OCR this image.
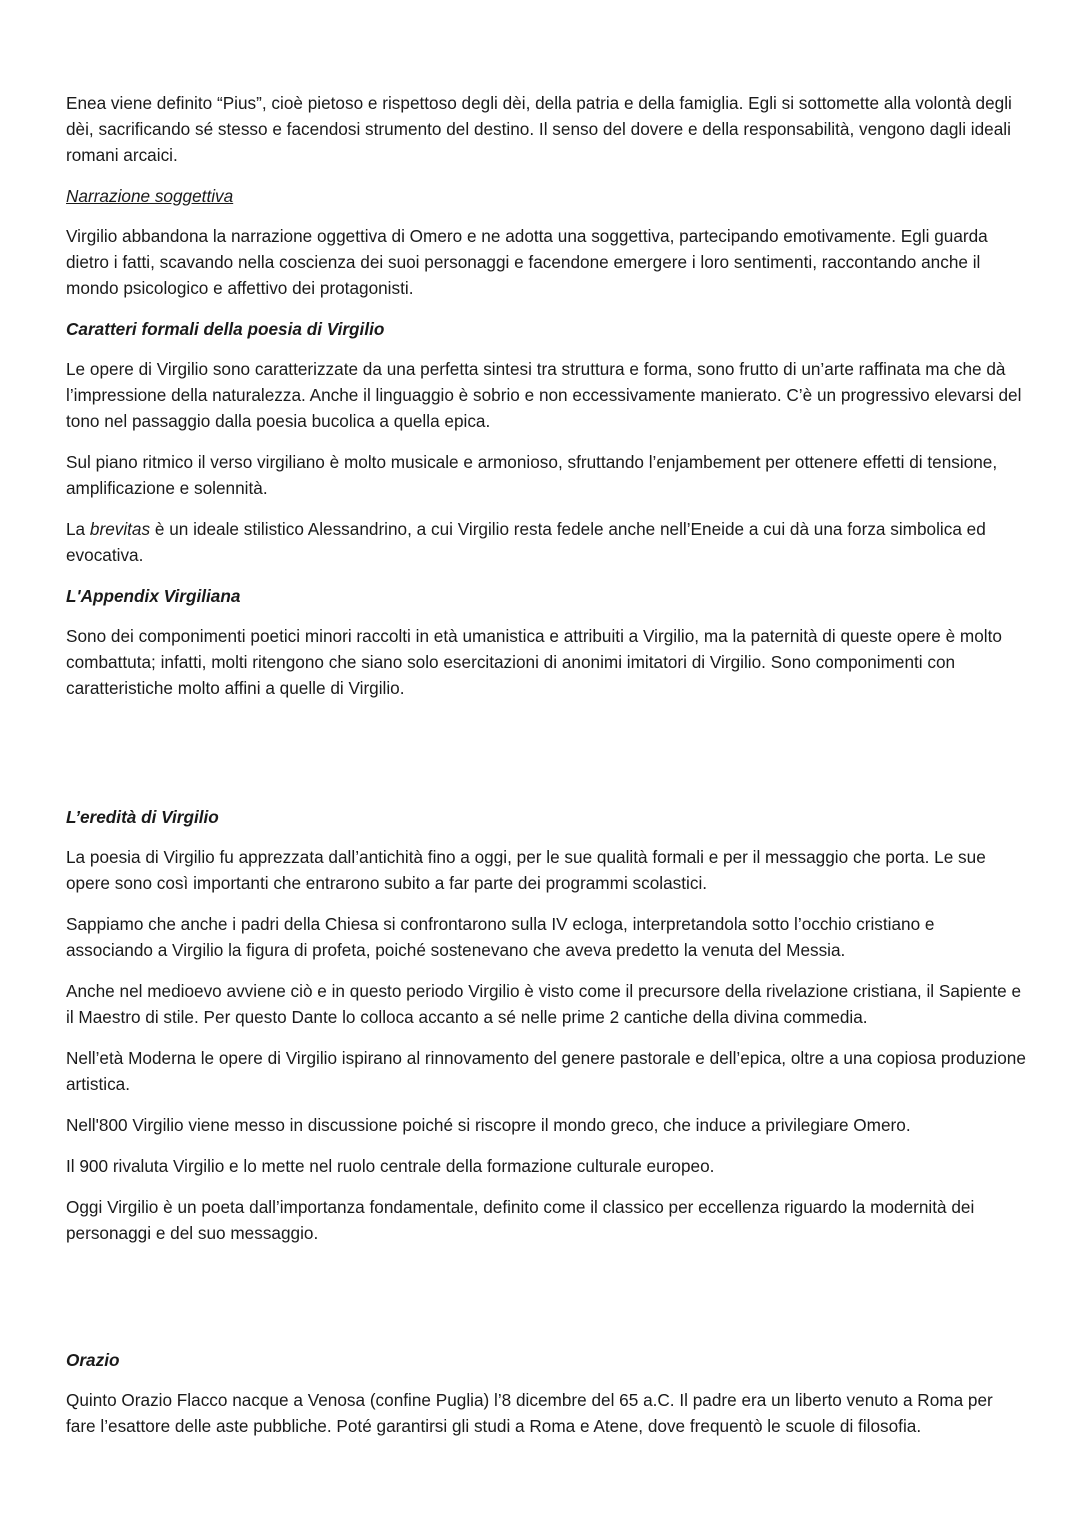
Enea viene definito “Pius”, cioè pietoso e rispettoso degli dèi, della patria e della famiglia. Egli si sottomette alla volontà degli dèi, sacrificando sé stesso e facendosi strumento del destino. Il senso del dovere e della responsabilità, vengono dagli ideali romani arcaici.

Narrazione soggettiva

Virgilio abbandona la narrazione oggettiva di Omero e ne adotta una soggettiva, partecipando emotivamente. Egli guarda dietro i fatti, scavando nella coscienza dei suoi personaggi e facendone emergere i loro sentimenti, raccontando anche il mondo psicologico e affettivo dei protagonisti.

Caratteri formali della poesia di Virgilio

Le opere di Virgilio sono caratterizzate da una perfetta sintesi tra struttura e forma, sono frutto di un’arte raffinata ma che dà l’impressione della naturalezza. Anche il linguaggio è sobrio e non eccessivamente manierato. C’è un progressivo elevarsi del tono nel passaggio dalla poesia bucolica a quella epica.

Sul piano ritmico il verso virgiliano è molto musicale e armonioso, sfruttando l’enjambement per ottenere effetti di tensione, amplificazione e solennità.

La brevitas è un ideale stilistico Alessandrino, a cui Virgilio resta fedele anche nell’Eneide a cui dà una forza simbolica ed evocativa.

L'Appendix Virgiliana

Sono dei componimenti poetici minori raccolti in età umanistica e attribuiti a Virgilio, ma la paternità di queste opere è molto combattuta; infatti, molti ritengono che siano solo esercitazioni di anonimi imitatori di Virgilio. Sono componimenti con caratteristiche molto affini a quelle di Virgilio.

L’eredità di Virgilio

La poesia di Virgilio fu apprezzata dall’antichità fino a oggi, per le sue qualità formali e per il messaggio che porta. Le sue opere sono così importanti che entrarono subito a far parte dei programmi scolastici.

Sappiamo che anche i padri della Chiesa si confrontarono sulla IV ecloga, interpretandola sotto l’occhio cristiano e associando a Virgilio la figura di profeta, poiché sostenevano che aveva predetto la venuta del Messia.

Anche nel medioevo avviene ciò e in questo periodo Virgilio è visto come il precursore della rivelazione cristiana, il Sapiente e il Maestro di stile. Per questo Dante lo colloca accanto a sé nelle prime 2 cantiche della divina commedia.

Nell’età Moderna le opere di Virgilio ispirano al rinnovamento del genere pastorale e dell’epica, oltre a una copiosa produzione artistica.

Nell'800 Virgilio viene messo in discussione poiché si riscopre il mondo greco, che induce a privilegiare Omero.

Il 900 rivaluta Virgilio e lo mette nel ruolo centrale della formazione culturale europeo.

Oggi Virgilio è un poeta dall’importanza fondamentale, definito come il classico per eccellenza riguardo la modernità dei personaggi e del suo messaggio.

Orazio

Quinto Orazio Flacco nacque a Venosa (confine Puglia) l’8 dicembre del 65 a.C. Il padre era un liberto venuto a Roma per fare l’esattore delle aste pubbliche. Poté garantirsi gli studi a Roma e Atene, dove frequentò le scuole di filosofia.
